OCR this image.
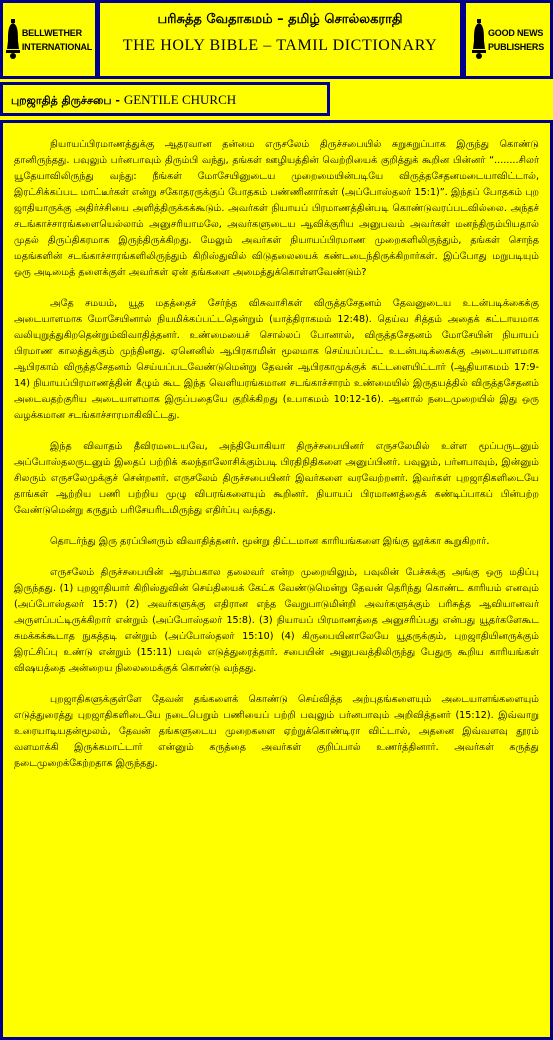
BELLWETHER
INTERNATIONAL
பரிசுத்த வேதாகமம் – தமிழ் சொல்லகராதி
THE HOLY BIBLE – TAMIL DICTIONARY
GOOD NEWS
PUBLISHERS
புறஜாதித் திருச்சபை - GENTILE CHURCH

நியாயப்பிரமாணத்துக்கு ஆதரவான தன்மை எருசலேம் திருச்சபையில் சுறுசுறுப்பாக இருந்து கொண்டு தானிருந்தது. பவுலும் பர்னபாவும் திரும்பி வந்து, தங்கள் ஊழியத்தின் வெற்றியைக் குறித்துக் கூறின பின்னர் “........சிலர் யூதேயாவிலிருந்து வந்து: நீங்கள் மோசேயினுடைய முறைமையின்படியே விருத்தசேதனமடையாவிட்டால், இரட்சிக்கப்பட மாட்டீர்கள் என்று சகோதரருக்குப் போதகம் பண்ணினார்கள் (அப்போஸ்தலர் 15:1)”. இந்தப் போதகம் புற ஜாதியாருக்கு அதிர்ச்சியை அளித்திருக்கக்கூடும். அவர்கள் நியாயப் பிரமாணத்தின்படி கொண்டுவரப்படவில்லை. அந்தச் சடங்காச்சாரங்களையெல்லாம் அனுசரியாமலே, அவர்களுடைய ஆவிக்குரிய அனுபவம் அவர்கள் மனந்திரும்பியதால் முதல் திருப்திகரமாக இருந்திருக்கிறது. மேலும் அவர்கள் நியாயப்பிரமாண முறைகளிலிருந்தும், தங்கள் சொந்த மதங்களின் சடங்காச்சாரங்களிலிருந்தும் கிறிஸ்துவில் விடுதலையைக் கண்டடைந்திருக்கிறார்கள். இப்போது மறுபடியும் ஒரு அடிமைத் தளைக்குள் அவர்கள் ஏன் தங்களை அமைத்துக்கொள்ளவேண்டும்?

அதே சமயம், யூத மதத்தைச் சேர்ந்த விசுவாசிகள் விருத்தசேதனம் தேவனுடைய உடன்படிக்கைக்கு அடையாளமாக மோசேயினால் நியமிக்கப்பட்டதென்றும் (யாத்திராகமம் 12:48). தெய்வ சித்தம் அதைக் கட்டாயமாக வலியுறுத்துகிறதென்றும்விவாதித்தனர். உண்மையைச் சொல்லப் போனால், விருத்தசேதனம் மோசேயின் நியாயப் பிரமாண காலத்துக்கும் முந்தினது. ஏனெனில் ஆபிரகாமின் மூலமாக செய்யப்பட்ட உடன்படிக்கைக்கு அடையாளமாக ஆபிரகாம் விருத்தசேதனம் செய்யப்படவேண்டுமென்று தேவன் ஆபிரகாமுக்குக் கட்டளையிட்டார் (ஆதியாகமம் 17:9-14) நியாயப்பிரமாணத்தின் கீழும் கூட இந்த வெளியரங்கமான சடங்காச்சாரம் உண்மையில் இருதயத்தில் விருத்தசேதனம் அடைவதற்குரிய அடையாளமாக இருப்பதையே குறிக்கிறது (உபாகமம் 10:12-16). ஆனால் நடைமுறையில் இது ஒரு வழக்கமான சடங்காச்சாரமாகிவிட்டது.

இந்த விவாதம் தீவிரமடையவே, அந்தியோகியா திருச்சபையினர் எருசலேமில் உள்ள மூப்பருடனும் அப்போஸ்தலருடனும் இதைப் பற்றிக் கலந்தாலோசிக்கும்படி பிரதிநிதிகளை அனுப்பினர். பவுலும், பர்னபாவும், இன்னும் சிலரும் எருசலேமுக்குச் சென்றனர். எருசலேம் திருச்சபையினர் இவர்களை வரவேற்றனர். இவர்கள் புறஜாதிகளிடையே தாங்கள் ஆற்றிய பணி பற்றிய முழு விபரங்களையும் கூறினர். நியாயப் பிரமாணத்தைக் கண்டிப்பாகப் பின்பற்ற வேண்டுமென்று கருதும் பரிசேயரிடமிருந்து எதிர்ப்பு வந்தது.

தொடர்ந்து இரு தரப்பினரும் விவாதித்தனர். மூன்று திட்டமான காரியங்களை இங்கு லூக்கா கூறுகிறார்.

எருசலேம் திருச்சபையின் ஆரம்பகால தலைவர் என்ற முறையிலும், பவுலின் பேச்சுக்கு அங்கு ஒரு மதிப்பு இருந்தது. (1) புறஜாதியார் கிறிஸ்துவின் செய்தியைக் கேட்க வேண்டுமென்று தேவன் தெரிந்து கொண்ட காரியம் எனவும் (அப்போஸ்தலர் 15:7) (2) அவர்களுக்கு எதிரான எந்த வேறுபாடுமின்றி அவர்களுக்கும் பரிசுத்த ஆவியானவர் அருளப்பட்டிருக்கிறார் என்றும் (அப்போஸ்தலர் 15:8). (3) நியாயப் பிரமாணத்தை அனுசரிப்பது என்பது யூதர்களேகூட சுமக்கக்கூடாத நுகத்தடி என்றும் (அப்போஸ்தலர் 15:10) (4) கிருபையினாலேயே யூதருக்கும், புறஜாதியினருக்கும் இரட்சிப்பு உண்டு என்றும் (15:11) பவுல் எடுத்துரைத்தார். சபையின் அனுபவத்திலிருந்து பேதுரு கூறிய காரியங்கள் விஷயத்தை அன்றைய நிலைமைக்குக் கொண்டு வந்தது.

புறஜாதிகளுக்குள்ளே தேவன் தங்களைக் கொண்டு செய்வித்த அற்புதங்களையும் அடையாளங்களையும் எடுத்துரைத்து புறஜாதிகளிடையே நடைபெறும் பணியைப் பற்றி பவுலும் பர்னபாவும் அறிவித்தனர் (15:12). இவ்வாறு உரையாடியதன்மூலம், தேவன் தங்களுடைய முறைகளை ஏற்றுக்கொண்டிரா விட்டால், அதனை இவ்வளவு தூரம் வளமாக்கி இருக்கமாட்டார் என்னும் கருத்தை அவர்கள் குறிப்பால் உணர்த்தினார். அவர்கள் கருத்து நடைமுறைக்கேற்றதாக இருந்தது.
